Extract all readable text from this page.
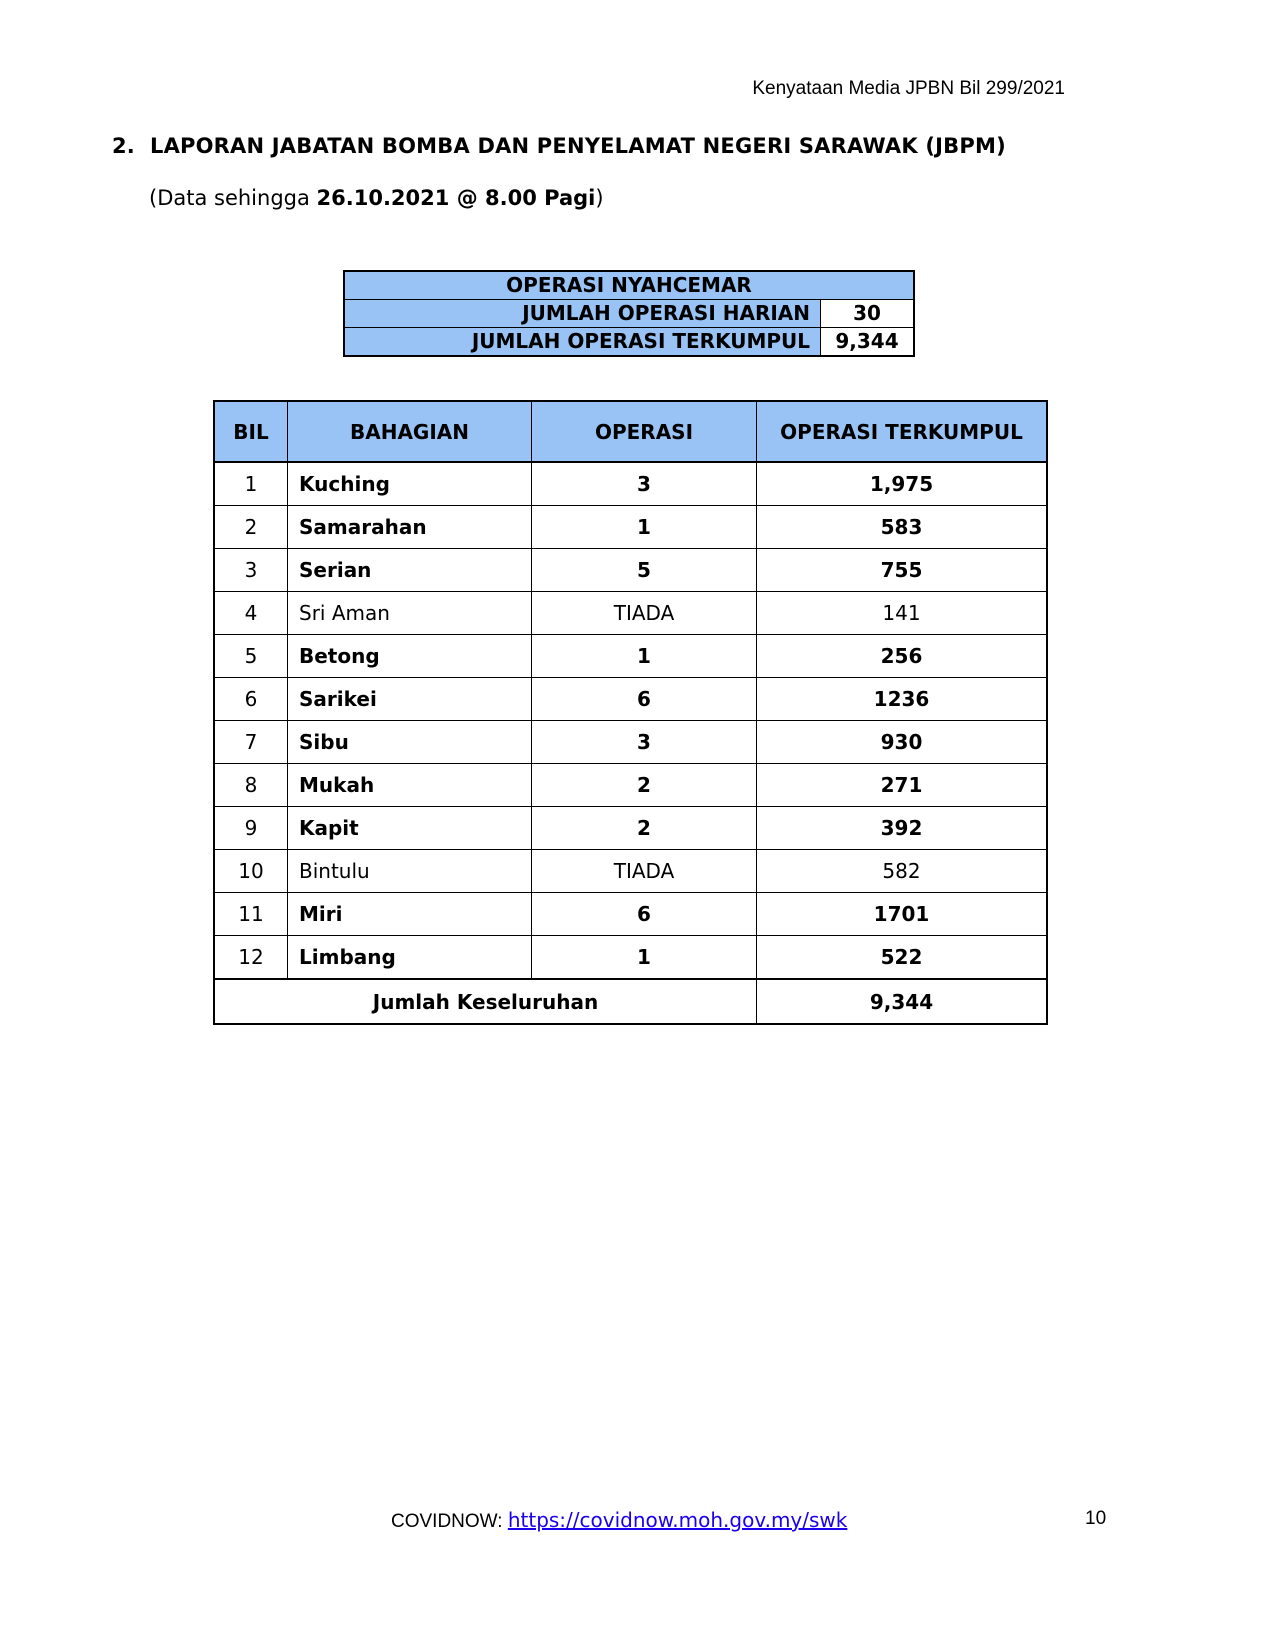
Kenyataan Media JPBN Bil 299/2021
2. LAPORAN JABATAN BOMBA DAN PENYELAMAT NEGERI SARAWAK (JBPM)
(Data sehingga 26.10.2021 @ 8.00 Pagi)
OPERASI NYAHCEMAR	
JUMLAH OPERASI HARIAN	30
JUMLAH OPERASI TERKUMPUL	9,344
BIL	BAHAGIAN	OPERASI	OPERASI TERKUMPUL
1	Kuching	3	1,975
2	Samarahan	1	583
3	Serian	5	755
4	Sri Aman	TIADA	141
5	Betong	1	256
6	Sarikei	6	1236
7	Sibu	3	930
8	Mukah	2	271
9	Kapit	2	392
10	Bintulu	TIADA	582
11	Miri	6	1701
12	Limbang	1	522
Jumlah Keseluruhan			9,344
COVIDNOW: https://covidnow.moh.gov.my/swk	10
